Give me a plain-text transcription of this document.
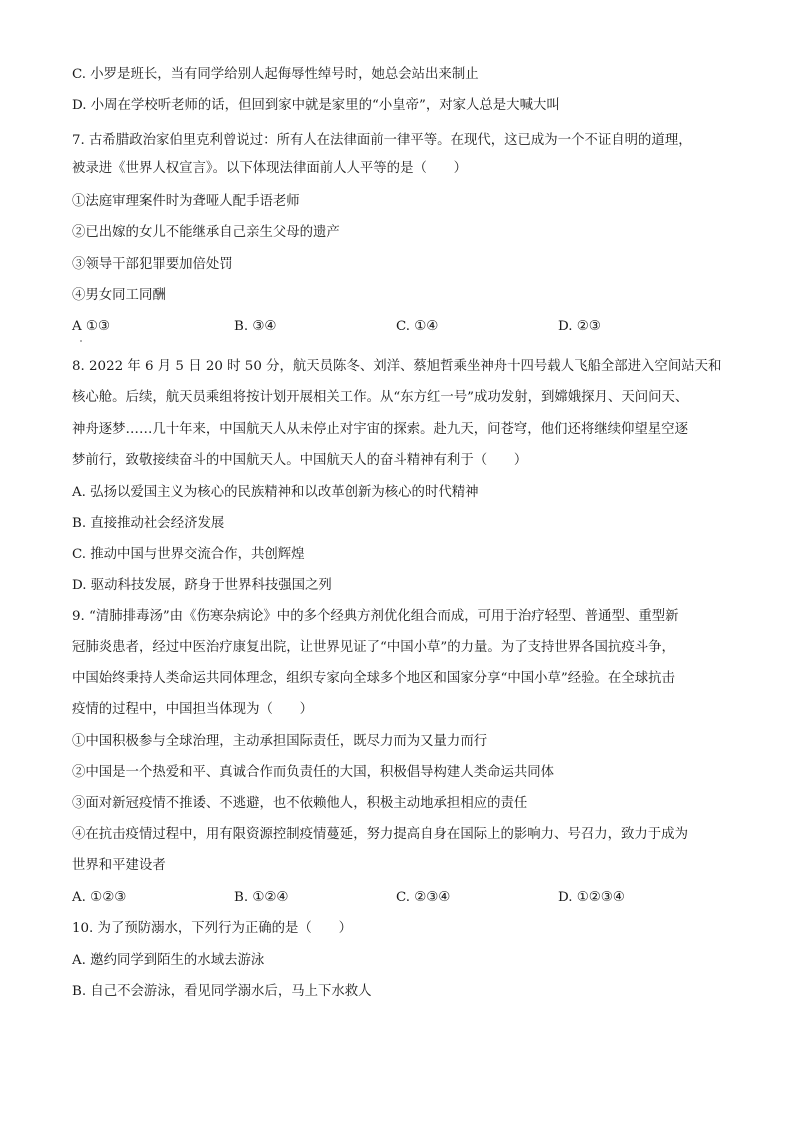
C. 小罗是班长，当有同学给别人起侮辱性绰号时，她总会站出来制止
D. 小周在学校听老师的话，但回到家中就是家里的“小皇帝”，对家人总是大喊大叫
7. 古希腊政治家伯里克利曾说过：所有人在法律面前一律平等。在现代，这已成为一个不证自明的道理，
被录进《世界人权宣言》。以下体现法律面前人人平等的是（　　）
①法庭审理案件时为聋哑人配手语老师
②已出嫁的女儿不能继承自己亲生父母的遗产
③领导干部犯罪要加倍处罚
④男女同工同酬
A ①③	B. ③④	C. ①④	D. ②③
8. 2022 年 6 月 5 日 20 时 50 分，航天员陈冬、刘洋、蔡旭哲乘坐神舟十四号载人飞船全部进入空间站天和
核心舱。后续，航天员乘组将按计划开展相关工作。从“东方红一号”成功发射，到嫦娥探月、天问问天、
神舟逐梦……几十年来，中国航天人从未停止对宇宙的探索。赴九天，问苍穹，他们还将继续仰望星空逐
梦前行，致敬接续奋斗的中国航天人。中国航天人的奋斗精神有利于（　　）
A. 弘扬以爱国主义为核心的民族精神和以改革创新为核心的时代精神
B. 直接推动社会经济发展
C. 推动中国与世界交流合作，共创辉煌
D. 驱动科技发展，跻身于世界科技强国之列
9. “清肺排毒汤”由《伤寒杂病论》中的多个经典方剂优化组合而成，可用于治疗轻型、普通型、重型新
冠肺炎患者，经过中医治疗康复出院，让世界见证了“中国小草”的力量。为了支持世界各国抗疫斗争，
中国始终秉持人类命运共同体理念，组织专家向全球多个地区和国家分享“中国小草”经验。在全球抗击
疫情的过程中，中国担当体现为（　　）
①中国积极参与全球治理，主动承担国际责任，既尽力而为又量力而行
②中国是一个热爱和平、真诚合作而负责任的大国，积极倡导构建人类命运共同体
③面对新冠疫情不推诿、不逃避，也不依赖他人，积极主动地承担相应的责任
④在抗击疫情过程中，用有限资源控制疫情蔓延，努力提高自身在国际上的影响力、号召力，致力于成为
世界和平建设者
A. ①②③	B. ①②④	C. ②③④	D. ①②③④
10. 为了预防溺水，下列行为正确的是（　　）
A. 邀约同学到陌生的水域去游泳
B. 自己不会游泳，看见同学溺水后，马上下水救人
